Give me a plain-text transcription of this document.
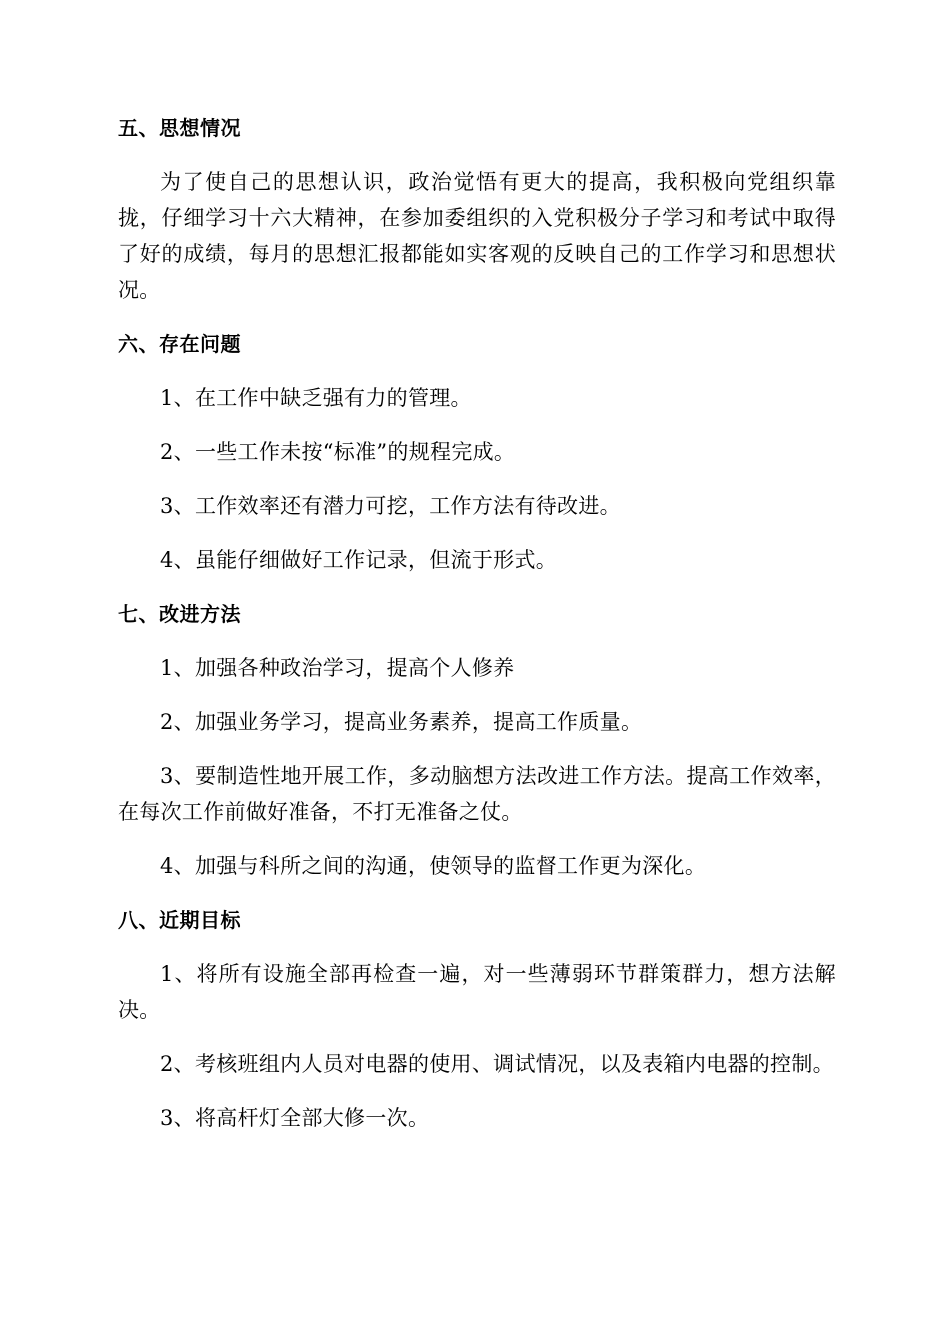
五、思想情况

为了使自己的思想认识，政治觉悟有更大的提高，我积极向党组织靠拢，仔细学习十六大精神，在参加委组织的入党积极分子学习和考试中取得了好的成绩，每月的思想汇报都能如实客观的反映自己的工作学习和思想状况。

六、存在问题

1、在工作中缺乏强有力的管理。

2、一些工作未按“标准”的规程完成。

3、工作效率还有潜力可挖，工作方法有待改进。

4、虽能仔细做好工作记录，但流于形式。

七、改进方法

1、加强各种政治学习，提高个人修养

2、加强业务学习，提高业务素养，提高工作质量。

3、要制造性地开展工作，多动脑想方法改进工作方法。提高工作效率，在每次工作前做好准备，不打无准备之仗。

4、加强与科所之间的沟通，使领导的监督工作更为深化。

八、近期目标

1、将所有设施全部再检查一遍，对一些薄弱环节群策群力，想方法解决。

2、考核班组内人员对电器的使用、调试情况，以及表箱内电器的控制。

3、将高杆灯全部大修一次。
